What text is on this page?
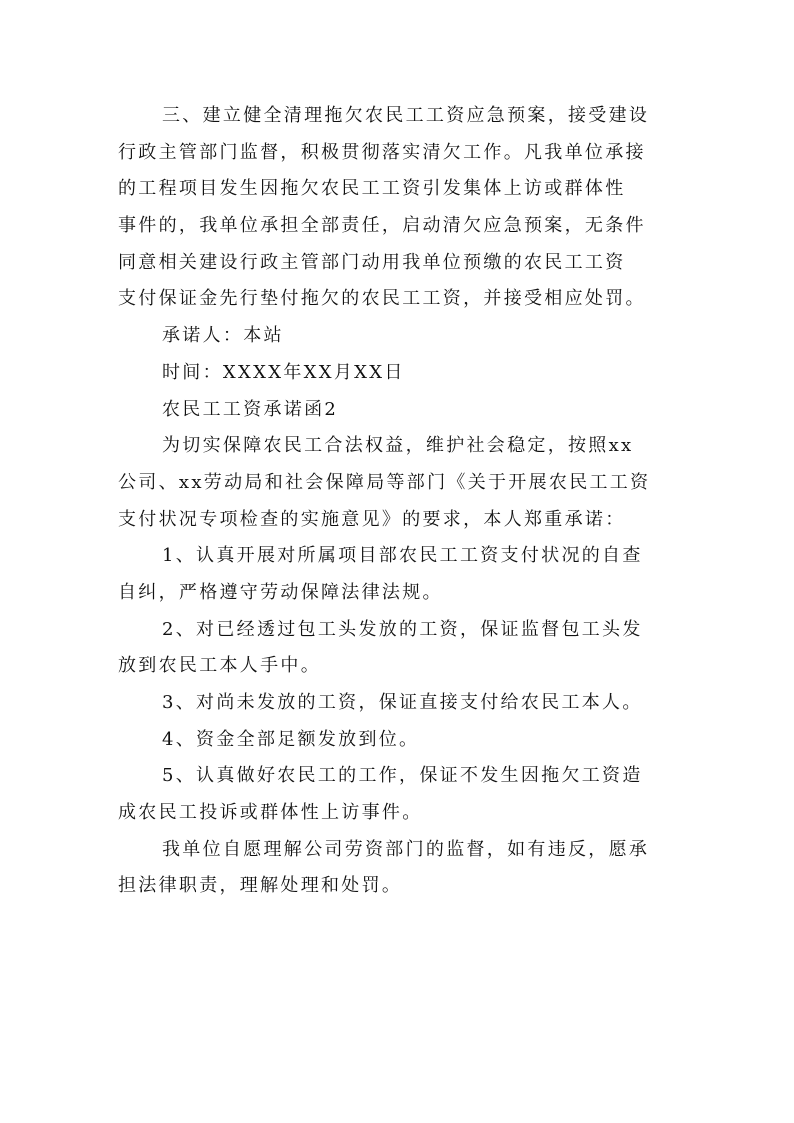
三、建立健全清理拖欠农民工工资应急预案，接受建设
行政主管部门监督，积极贯彻落实清欠工作。凡我单位承接
的工程项目发生因拖欠农民工工资引发集体上访或群体性
事件的，我单位承担全部责任，启动清欠应急预案，无条件
同意相关建设行政主管部门动用我单位预缴的农民工工资
支付保证金先行垫付拖欠的农民工工资，并接受相应处罚。
承诺人：本站
时间：XXXX年XX月XX日
农民工工资承诺函2
为切实保障农民工合法权益，维护社会稳定，按照xx
公司、xx劳动局和社会保障局等部门《关于开展农民工工资
支付状况专项检查的实施意见》的要求，本人郑重承诺：
1、认真开展对所属项目部农民工工资支付状况的自查
自纠，严格遵守劳动保障法律法规。
2、对已经透过包工头发放的工资，保证监督包工头发
放到农民工本人手中。
3、对尚未发放的工资，保证直接支付给农民工本人。
4、资金全部足额发放到位。
5、认真做好农民工的工作，保证不发生因拖欠工资造
成农民工投诉或群体性上访事件。
我单位自愿理解公司劳资部门的监督，如有违反，愿承
担法律职责，理解处理和处罚。
